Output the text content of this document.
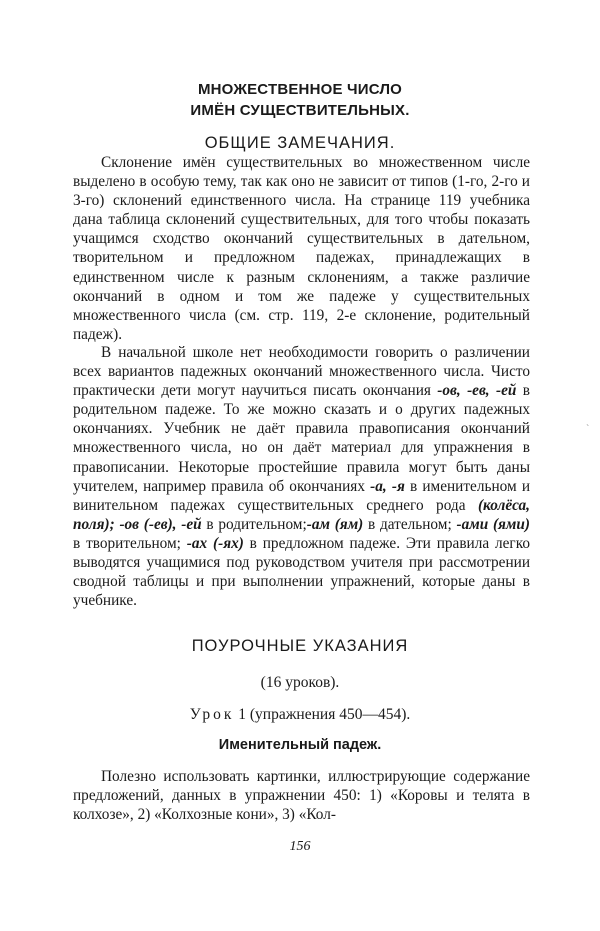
МНОЖЕСТВЕННОЕ ЧИСЛО
ИМЁН СУЩЕСТВИТЕЛЬНЫХ.
ОБЩИЕ ЗАМЕЧАНИЯ.
Склонение имён существительных во множественном числе выделено в особую тему, так как оно не зависит от типов (1-го, 2-го и 3-го) склонений единственного числа. На странице 119 учебника дана таблица склонений существительных, для того чтобы показать учащимся сходство окончаний существительных в дательном, творительном и предложном падежах, принадлежащих в единственном числе к разным склонениям, а также различие окончаний в одном и том же падеже у существительных множественного числа (см. стр. 119, 2-е склонение, родительный падеж).
В начальной школе нет необходимости говорить о различении всех вариантов падежных окончаний множественного числа. Чисто практически дети могут научиться писать окончания -ов, -ев, -ей в родительном падеже. То же можно сказать и о других падежных окончаниях. Учебник не даёт правила правописания окончаний множественного числа, но он даёт материал для упражнения в правописании. Некоторые простейшие правила могут быть даны учителем, например правила об окончаниях -а, -я в именительном и винительном падежах существительных среднего рода (колёса, поля); -ов (-ев), -ей в родительном;-ам (ям) в дательном; -ами (ями) в творительном; -ах (-ях) в предложном падеже. Эти правила легко выводятся учащимися под руководством учителя при рассмотрении сводной таблицы и при выполнении упражнений, которые даны в учебнике.
ПОУРОЧНЫЕ УКАЗАНИЯ
(16 уроков).
Урок 1 (упражнения 450—454).
Именительный падеж.
Полезно использовать картинки, иллюстрирующие содержание предложений, данных в упражнении 450: 1) «Коровы и телята в колхозе», 2) «Колхозные кони», 3) «Кол-
156
ˋ
